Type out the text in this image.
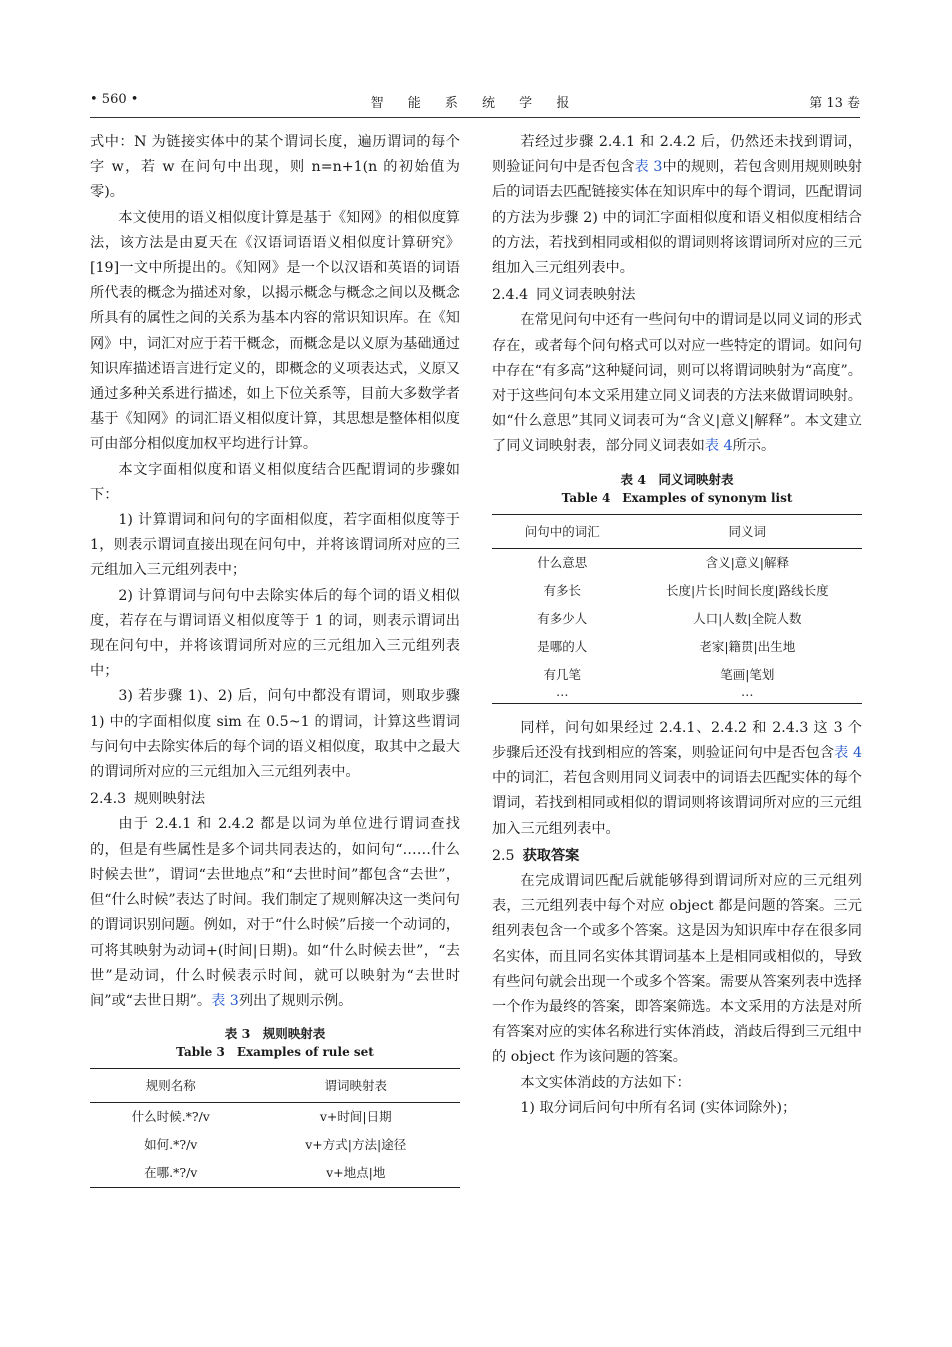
• 560 •	智 能 系 统 学 报	第 13 卷

式中：N 为链接实体中的某个谓词长度，遍历谓词的每个字 w，若 w 在问句中出现，则 n=n+1(n 的初始值为零)。

本文使用的语义相似度计算是基于《知网》的相似度算法，该方法是由夏天在《汉语词语语义相似度计算研究》[19]一文中所提出的。《知网》是一个以汉语和英语的词语所代表的概念为描述对象，以揭示概念与概念之间以及概念所具有的属性之间的关系为基本内容的常识知识库。在《知网》中，词汇对应于若干概念，而概念是以义原为基础通过知识库描述语言进行定义的，即概念的义项表达式，义原又通过多种关系进行描述，如上下位关系等，目前大多数学者基于《知网》的词汇语义相似度计算，其思想是整体相似度可由部分相似度加权平均进行计算。

本文字面相似度和语义相似度结合匹配谓词的步骤如下：

1) 计算谓词和问句的字面相似度，若字面相似度等于 1，则表示谓词直接出现在问句中，并将该谓词所对应的三元组加入三元组列表中；

2) 计算谓词与问句中去除实体后的每个词的语义相似度，若存在与谓词语义相似度等于 1 的词，则表示谓词出现在问句中，并将该谓词所对应的三元组加入三元组列表中；

3) 若步骤 1)、2) 后，问句中都没有谓词，则取步骤 1) 中的字面相似度 sim 在 0.5~1 的谓词，计算这些谓词与问句中去除实体后的每个词的语义相似度，取其中之最大的谓词所对应的三元组加入三元组列表中。

2.4.3 规则映射法

由于 2.4.1 和 2.4.2 都是以词为单位进行谓词查找的，但是有些属性是多个词共同表达的，如问句“……什么时候去世”，谓词“去世地点”和“去世时间”都包含“去世”，但“什么时候”表达了时间。我们制定了规则解决这一类问句的谓词识别问题。例如，对于“什么时候”后接一个动词的，可将其映射为动词+(时间|日期)。如“什么时候去世”，“去世”是动词，什么时候表示时间，就可以映射为“去世时间”或“去世日期”。表 3列出了规则示例。

表 3　规则映射表
Table 3　Examples of rule set
规则名称	谓词映射表
什么时候.*?/v	v+时间|日期
如何.*?/v	v+方式|方法|途径
在哪.*?/v	v+地点|地

若经过步骤 2.4.1 和 2.4.2 后，仍然还未找到谓词，则验证问句中是否包含表 3中的规则，若包含则用规则映射后的词语去匹配链接实体在知识库中的每个谓词，匹配谓词的方法为步骤 2) 中的词汇字面相似度和语义相似度相结合的方法，若找到相同或相似的谓词则将该谓词所对应的三元组加入三元组列表中。

2.4.4 同义词表映射法

在常见问句中还有一些问句中的谓词是以同义词的形式存在，或者每个问句格式可以对应一些特定的谓词。如问句中存在“有多高”这种疑问词，则可以将谓词映射为“高度”。对于这些问句本文采用建立同义词表的方法来做谓词映射。如“什么意思”其同义词表可为“含义|意义|解释”。本文建立了同义词映射表，部分同义词表如表 4所示。

表 4　同义词映射表
Table 4　Examples of synonym list
问句中的词汇	同义词
什么意思	含义|意义|解释
有多长	长度|片长|时间长度|路线长度
有多少人	人口|人数|全院人数
是哪的人	老家|籍贯|出生地
有几笔	笔画|笔划
…	…

同样，问句如果经过 2.4.1、2.4.2 和 2.4.3 这 3 个步骤后还没有找到相应的答案，则验证问句中是否包含表 4中的词汇，若包含则用同义词表中的词语去匹配实体的每个谓词，若找到相同或相似的谓词则将该谓词所对应的三元组加入三元组列表中。

2.5 获取答案

在完成谓词匹配后就能够得到谓词所对应的三元组列表，三元组列表中每个对应 object 都是问题的答案。三元组列表包含一个或多个答案。这是因为知识库中存在很多同名实体，而且同名实体其谓词基本上是相同或相似的，导致有些问句就会出现一个或多个答案。需要从答案列表中选择一个作为最终的答案，即答案筛选。本文采用的方法是对所有答案对应的实体名称进行实体消歧，消歧后得到三元组中的 object 作为该问题的答案。

本文实体消歧的方法如下：

1) 取分词后问句中所有名词 (实体词除外)；
